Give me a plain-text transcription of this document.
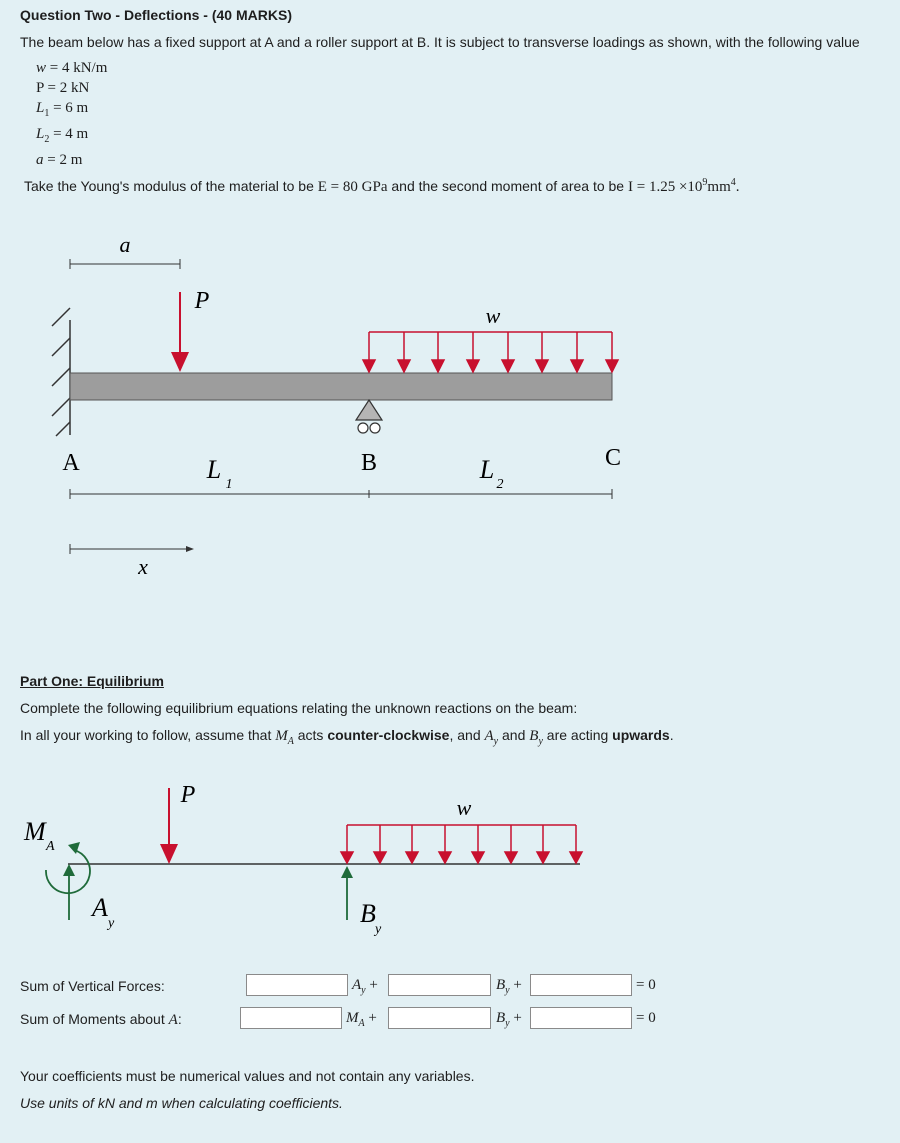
Question Two - Deflections - (40 MARKS)
The beam below has a fixed support at A and a roller support at B. It is subject to transverse loadings as shown, with the following value
w = 4 kN/m
P = 2 kN
$L_1 = 6$ m
$L_2 = 4$ m
a = 2 m
Take the Young's modulus of the material to be E = 80 GPa and the second moment of area to be $I = 1.25 \times 10^9mm^4$.
a
P
w
A	B	C
L
1
L
2
x
Part One: Equilibrium
Complete the following equilibrium equations relating the unknown reactions on the beam:
In all your working to follow, assume that $M_A$ acts counter-clockwise, and $A_y$ and $B_y$ are acting upwards.
M
A
A
y
P	w
B
y
Sum of Vertical Forces:	$A_y$ +	$B_y$ +	= 0
Sum of Moments about A:	$M_A$ +	$B_y$ +	= 0
Your coefficients must be numerical values and not contain any variables.
Use units of kN and m when calculating coefficients.
